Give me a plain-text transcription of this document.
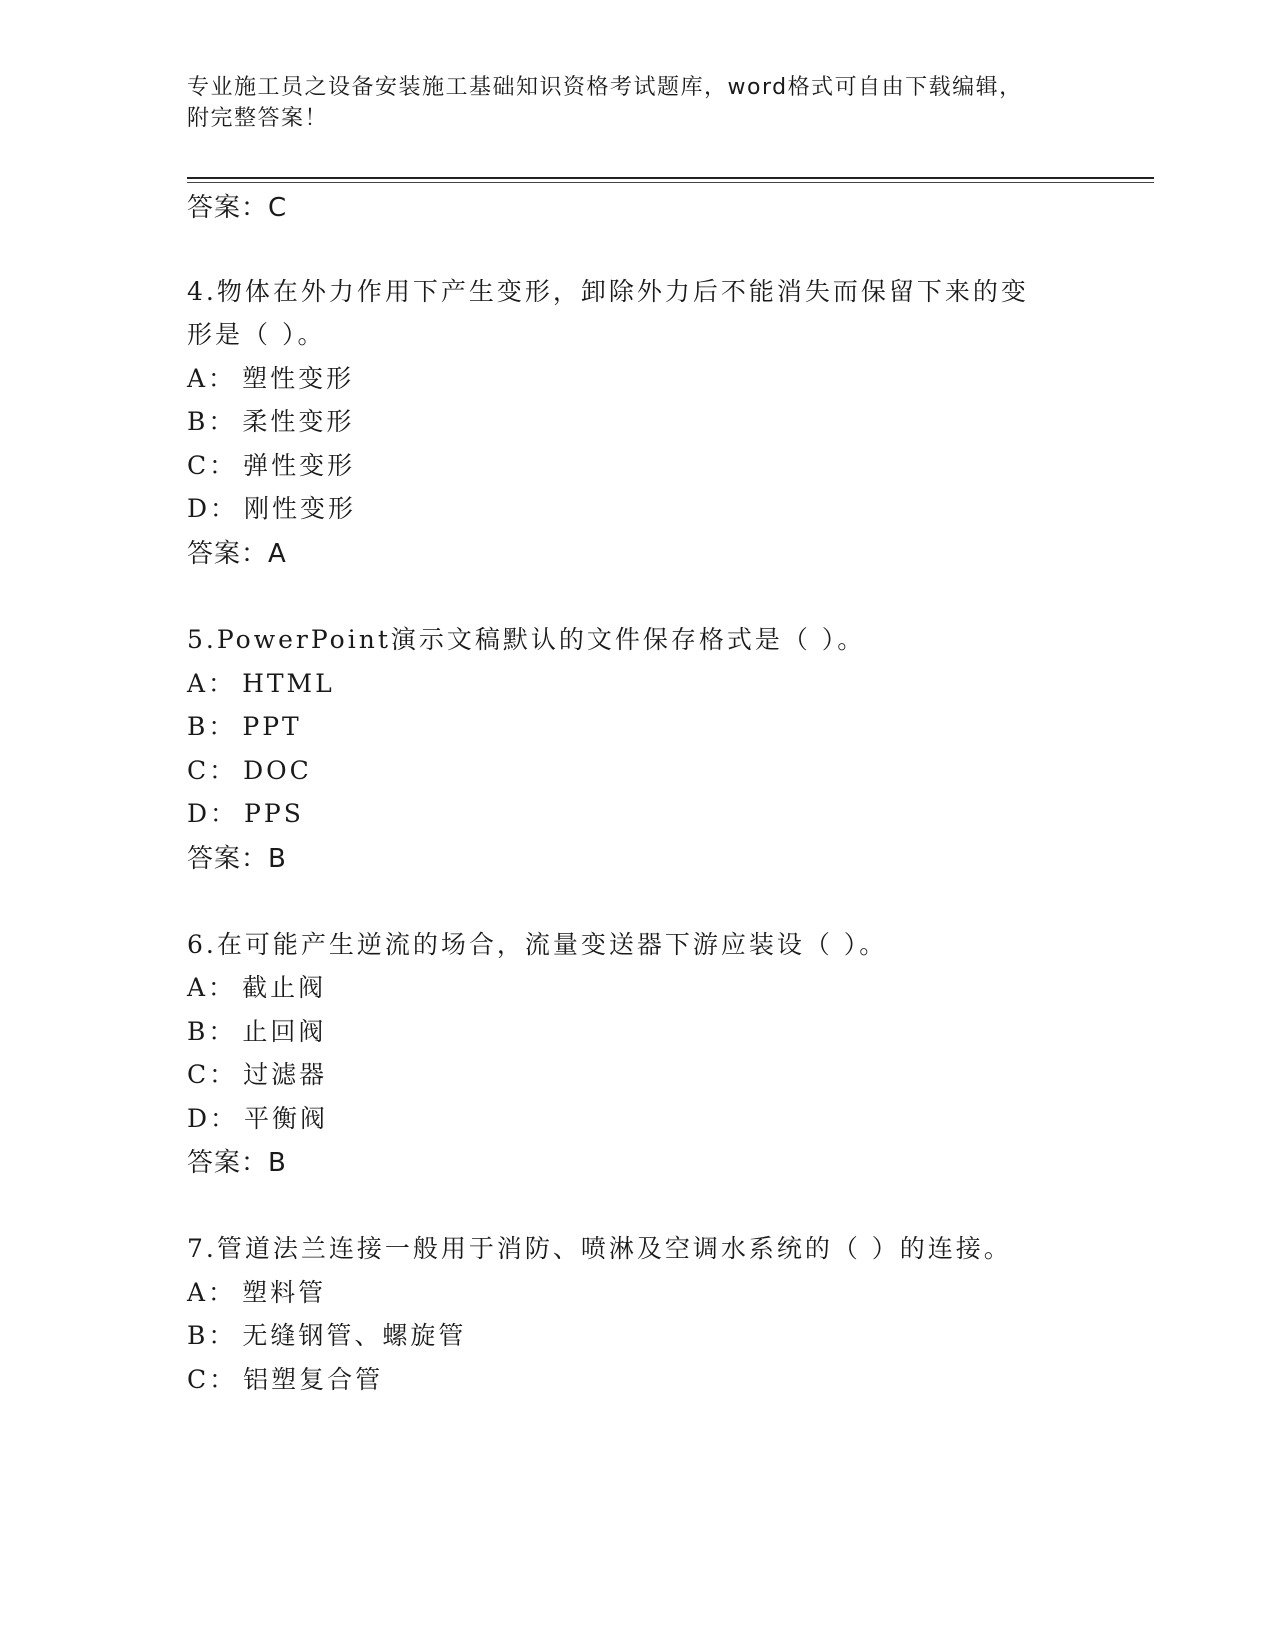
专业施工员之设备安装施工基础知识资格考试题库，word格式可自由下载编辑，
附完整答案！
答案：C
4.物体在外力作用下产生变形，卸除外力后不能消失而保留下来的变
形是（ ）。
A： 塑性变形
B： 柔性变形
C： 弹性变形
D： 刚性变形
答案：A
5.PowerPoint演示文稿默认的文件保存格式是（ ）。
A： HTML
B： PPT
C： DOC
D： PPS
答案：B
6.在可能产生逆流的场合，流量变送器下游应装设（ ）。
A： 截止阀
B： 止回阀
C： 过滤器
D： 平衡阀
答案：B
7.管道法兰连接一般用于消防、喷淋及空调水系统的（ ）的连接。
A： 塑料管
B： 无缝钢管、螺旋管
C： 铝塑复合管
